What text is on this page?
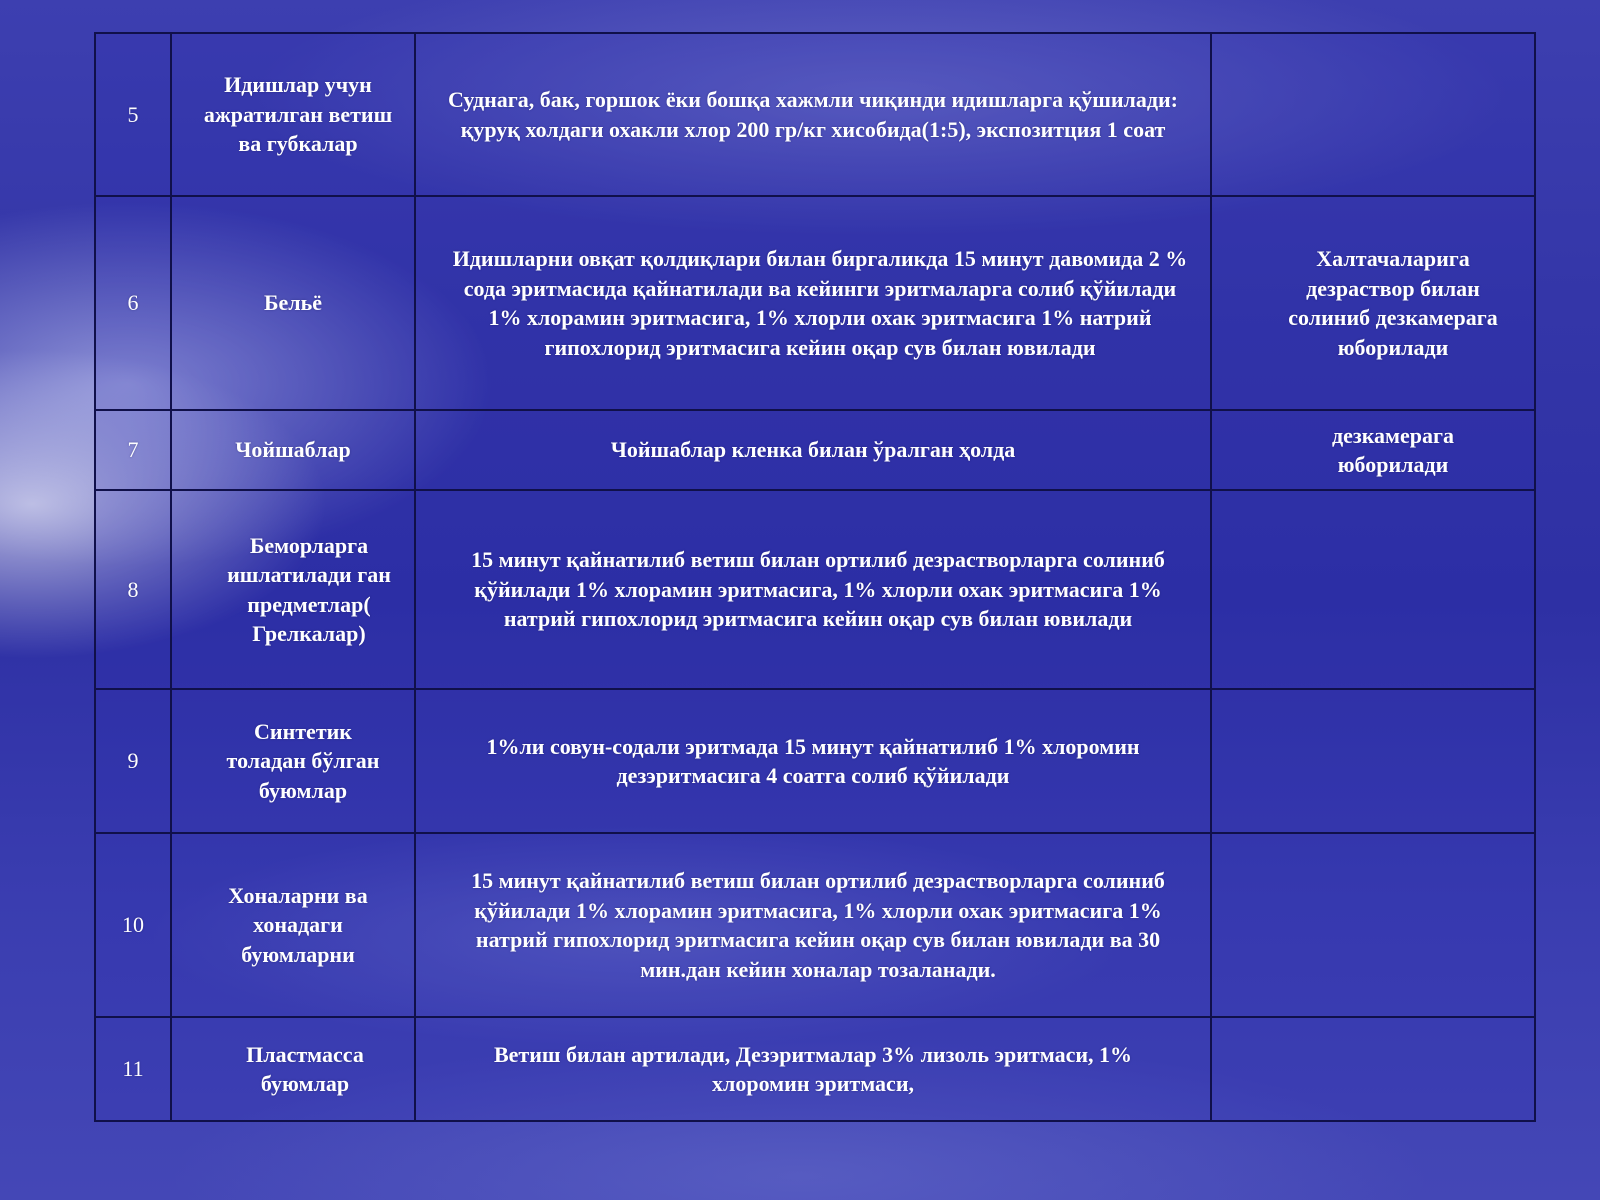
5	Идишлар учун ажратилган ветиш ва губкалар	Суднага, бак, горшок ёки бошқа хажмли чиқинди идишларга қўшилади: қуруқ холдаги охакли хлор 200 гр/кг хисобида(1:5), экспозитция 1 соат	
6	Бельё	Идишларни овқат қолдиқлари билан биргаликда 15 минут давомида 2 % сода эритмасида қайнатилади ва кейинги эритмаларга солиб қўйилади 1% хлорамин эритмасига, 1% хлорли охак эритмасига 1% натрий гипохлорид эритмасига кейин оқар сув билан ювилади	Халтачаларига дезраствор билан солиниб дезкамерага юборилади
7	Чойшаблар	Чойшаблар кленка билан ўралган ҳолда	дезкамерага юборилади
8	Беморларга ишлатилади ган предметлар( Грелкалар)	15 минут қайнатилиб ветиш билан ортилиб дезрастворларга солиниб қўйилади 1% хлорамин эритмасига, 1% хлорли охак эритмасига 1% натрий гипохлорид эритмасига кейин оқар сув билан ювилади	
9	Синтетик толадан бўлган буюмлар	1%ли совун-содали эритмада 15 минут қайнатилиб 1% хлоромин дезэритмасига 4 соатга солиб қўйилади	
10	Хоналарни ва хонадаги буюмларни	15 минут қайнатилиб ветиш билан ортилиб дезрастворларга солиниб қўйилади 1% хлорамин эритмасига, 1% хлорли охак эритмасига 1% натрий гипохлорид эритмасига кейин оқар сув билан ювилади ва 30 мин.дан кейин хоналар тозаланади.	
11	Пластмасса буюмлар	Ветиш билан артилади, Дезэритмалар 3% лизоль эритмаси, 1% хлоромин эритмаси,	
